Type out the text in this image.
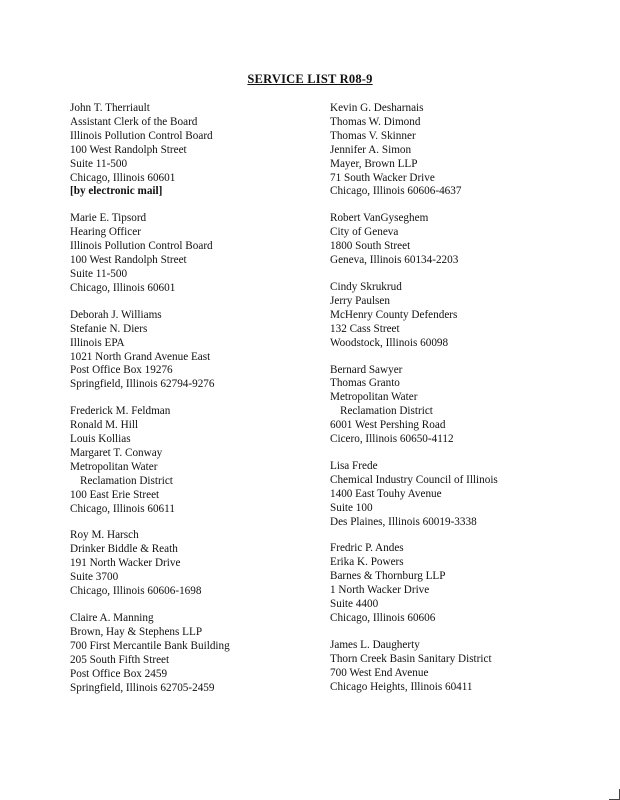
SERVICE LIST R08-9
John T. Therriault
Assistant Clerk of the Board
Illinois Pollution Control Board
100 West Randolph Street
Suite 11-500
Chicago, Illinois 60601
[by electronic mail]
Marie E. Tipsord
Hearing Officer
Illinois Pollution Control Board
100 West Randolph Street
Suite 11-500
Chicago, Illinois 60601
Deborah J. Williams
Stefanie N. Diers
Illinois EPA
1021 North Grand Avenue East
Post Office Box 19276
Springfield, Illinois 62794-9276
Frederick M. Feldman
Ronald M. Hill
Louis Kollias
Margaret T. Conway
Metropolitan Water
Reclamation District
100 East Erie Street
Chicago, Illinois 60611
Roy M. Harsch
Drinker Biddle & Reath
191 North Wacker Drive
Suite 3700
Chicago, Illinois 60606-1698
Claire A. Manning
Brown, Hay & Stephens LLP
700 First Mercantile Bank Building
205 South Fifth Street
Post Office Box 2459
Springfield, Illinois 62705-2459
Kevin G. Desharnais
Thomas W. Dimond
Thomas V. Skinner
Jennifer A. Simon
Mayer, Brown LLP
71 South Wacker Drive
Chicago, Illinois 60606-4637
Robert VanGyseghem
City of Geneva
1800 South Street
Geneva, Illinois 60134-2203
Cindy Skrukrud
Jerry Paulsen
McHenry County Defenders
132 Cass Street
Woodstock, Illinois 60098
Bernard Sawyer
Thomas Granto
Metropolitan Water
Reclamation District
6001 West Pershing Road
Cicero, Illinois 60650-4112
Lisa Frede
Chemical Industry Council of Illinois
1400 East Touhy Avenue
Suite 100
Des Plaines, Illinois 60019-3338
Fredric P. Andes
Erika K. Powers
Barnes & Thornburg LLP
1 North Wacker Drive
Suite 4400
Chicago, Illinois 60606
James L. Daugherty
Thorn Creek Basin Sanitary District
700 West End Avenue
Chicago Heights, Illinois 60411
